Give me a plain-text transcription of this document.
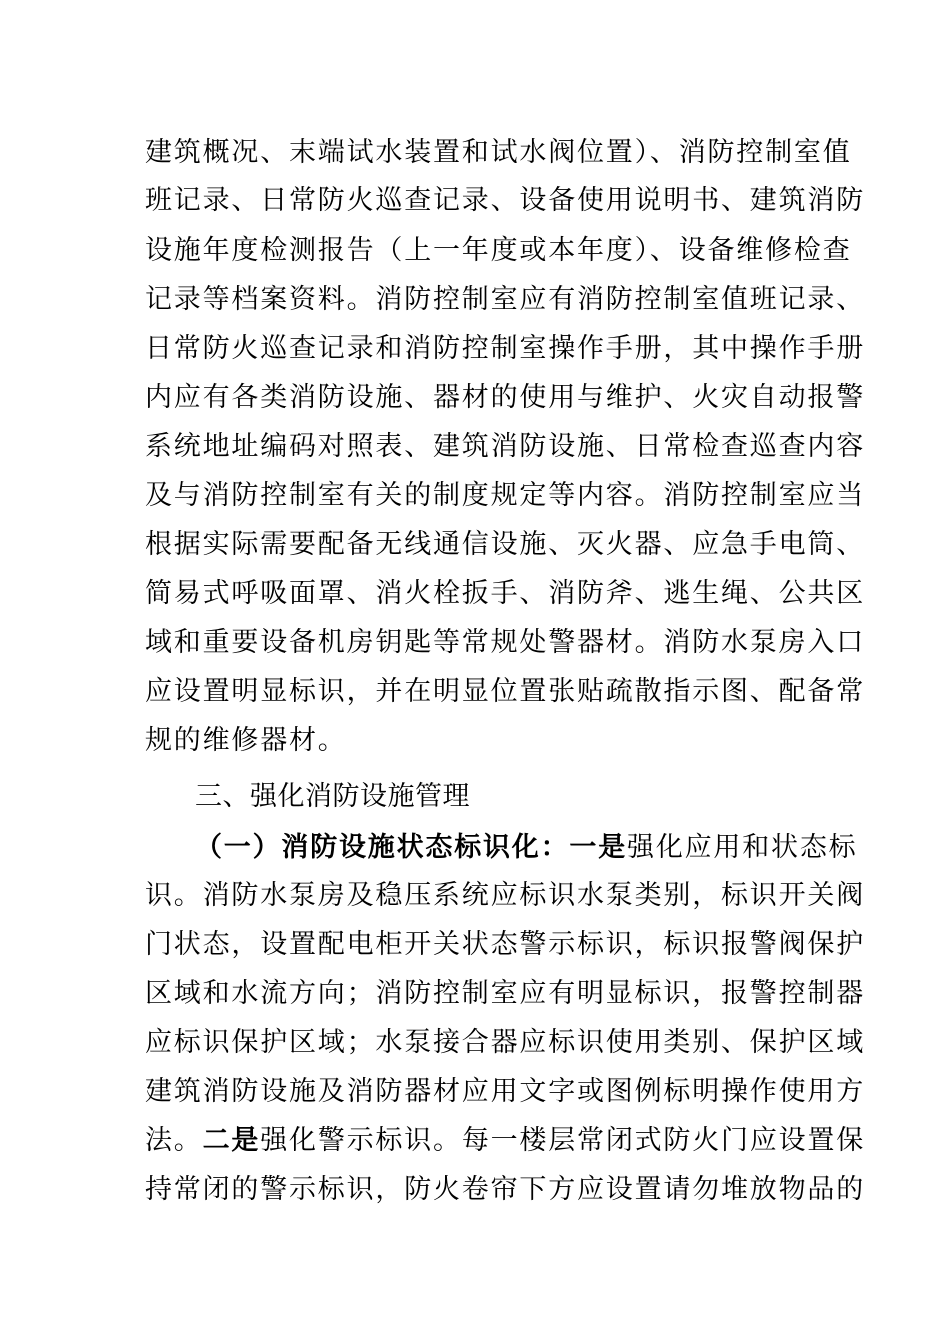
建筑概况、末端试水装置和试水阀位置）、消防控制室值
班记录、日常防火巡查记录、设备使用说明书、建筑消防
设施年度检测报告（上一年度或本年度）、设备维修检查
记录等档案资料。消防控制室应有消防控制室值班记录、
日常防火巡查记录和消防控制室操作手册，其中操作手册
内应有各类消防设施、器材的使用与维护、火灾自动报警
系统地址编码对照表、建筑消防设施、日常检查巡查内容
及与消防控制室有关的制度规定等内容。消防控制室应当
根据实际需要配备无线通信设施、灭火器、应急手电筒、
简易式呼吸面罩、消火栓扳手、消防斧、逃生绳、公共区
域和重要设备机房钥匙等常规处警器材。消防水泵房入口
应设置明显标识，并在明显位置张贴疏散指示图、配备常
规的维修器材。
三、强化消防设施管理
（一）消防设施状态标识化：一是强化应用和状态标
识。消防水泵房及稳压系统应标识水泵类别，标识开关阀
门状态，设置配电柜开关状态警示标识，标识报警阀保护
区域和水流方向；消防控制室应有明显标识，报警控制器
应标识保护区域；水泵接合器应标识使用类别、保护区域
建筑消防设施及消防器材应用文字或图例标明操作使用方
法。二是强化警示标识。每一楼层常闭式防火门应设置保
持常闭的警示标识，防火卷帘下方应设置请勿堆放物品的
